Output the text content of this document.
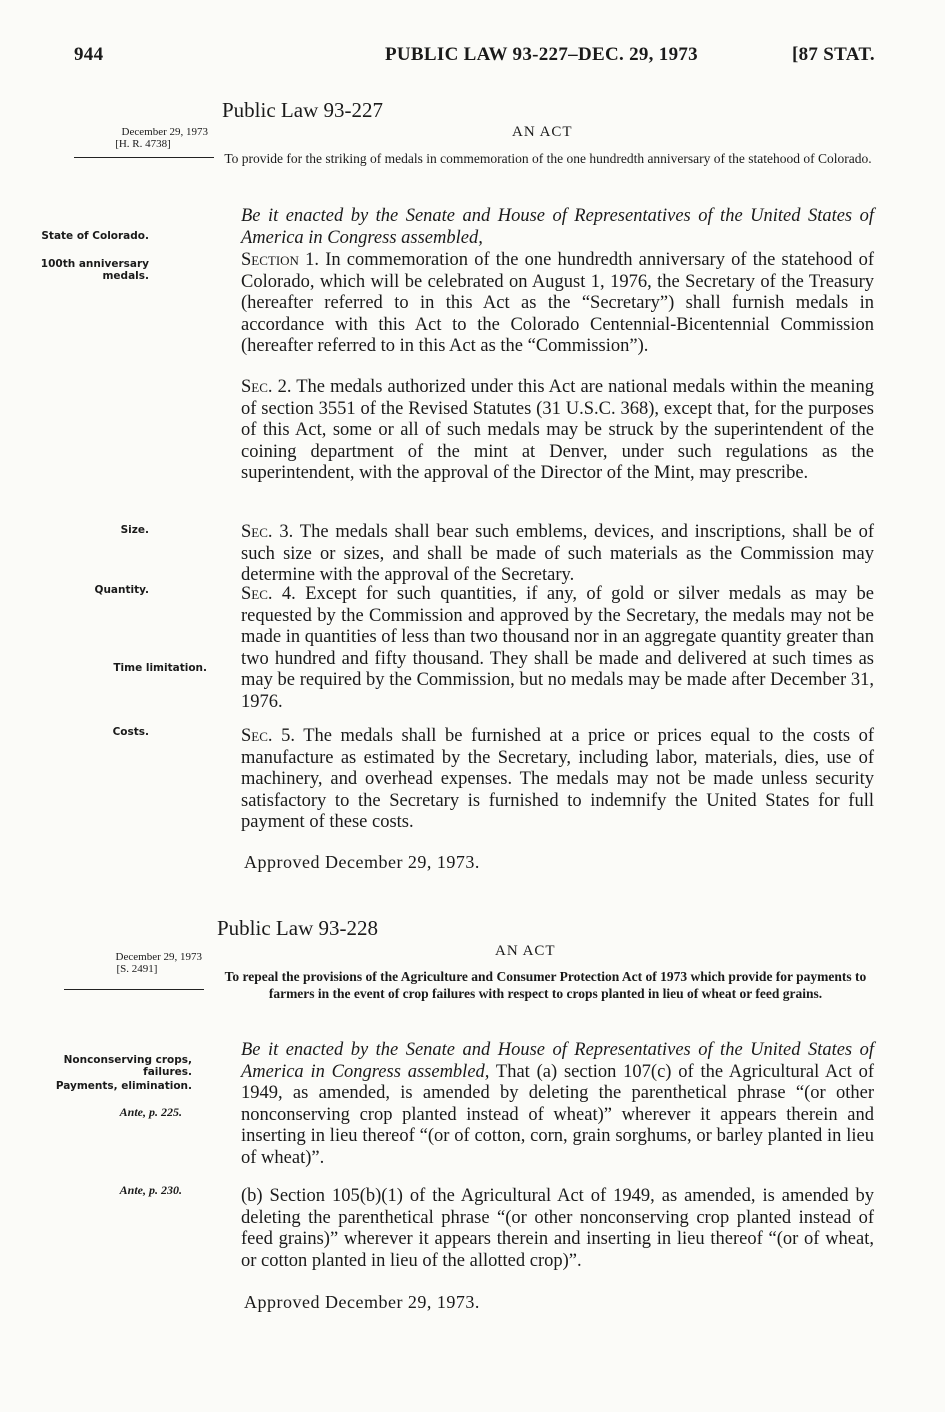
944	PUBLIC LAW 93-227–DEC. 29, 1973	[87 STAT.
Public Law 93-227
December 29, 1973
[H. R. 4738]
AN ACT
To provide for the striking of medals in commemoration of the one hundredth anniversary of the statehood of Colorado.
Be it enacted by the Senate and House of Representatives of the United States of America in Congress assembled,
Section 1. In commemoration of the one hundredth anniversary of the statehood of Colorado, which will be celebrated on August 1, 1976, the Secretary of the Treasury (hereafter referred to in this Act as the “Secretary”) shall furnish medals in accordance with this Act to the Colorado Centennial-Bicentennial Commission (hereafter referred to in this Act as the “Commission”).
Sec. 2. The medals authorized under this Act are national medals within the meaning of section 3551 of the Revised Statutes (31 U.S.C. 368), except that, for the purposes of this Act, some or all of such medals may be struck by the superintendent of the coining department of the mint at Denver, under such regulations as the superintendent, with the approval of the Director of the Mint, may prescribe.
Sec. 3. The medals shall bear such emblems, devices, and inscriptions, shall be of such size or sizes, and shall be made of such materials as the Commission may determine with the approval of the Secretary.
Sec. 4. Except for such quantities, if any, of gold or silver medals as may be requested by the Commission and approved by the Secretary, the medals may not be made in quantities of less than two thousand nor in an aggregate quantity greater than two hundred and fifty thousand. They shall be made and delivered at such times as may be required by the Commission, but no medals may be made after December 31, 1976.
Sec. 5. The medals shall be furnished at a price or prices equal to the costs of manufacture as estimated by the Secretary, including labor, materials, dies, use of machinery, and overhead expenses. The medals may not be made unless security satisfactory to the Secretary is furnished to indemnify the United States for full payment of these costs.
Approved December 29, 1973.
State of Colorado.
100th anniversary medals.
Size.
Quantity.
Time limitation.
Costs.
Public Law 93-228
December 29, 1973
[S. 2491]
AN ACT
To repeal the provisions of the Agriculture and Consumer Protection Act of 1973 which provide for payments to farmers in the event of crop failures with respect to crops planted in lieu of wheat or feed grains.
Be it enacted by the Senate and House of Representatives of the United States of America in Congress assembled, That (a) section 107(c) of the Agricultural Act of 1949, as amended, is amended by deleting the parenthetical phrase “(or other nonconserving crop planted instead of wheat)” wherever it appears therein and inserting in lieu thereof “(or of cotton, corn, grain sorghums, or barley planted in lieu of wheat)”.
(b) Section 105(b)(1) of the Agricultural Act of 1949, as amended, is amended by deleting the parenthetical phrase “(or other nonconserving crop planted instead of feed grains)” wherever it appears therein and inserting in lieu thereof “(or of wheat, or cotton planted in lieu of the allotted crop)”.
Approved December 29, 1973.
Nonconserving crops, failures.
Payments, elimination.
Ante, p. 225.
Ante, p. 230.
